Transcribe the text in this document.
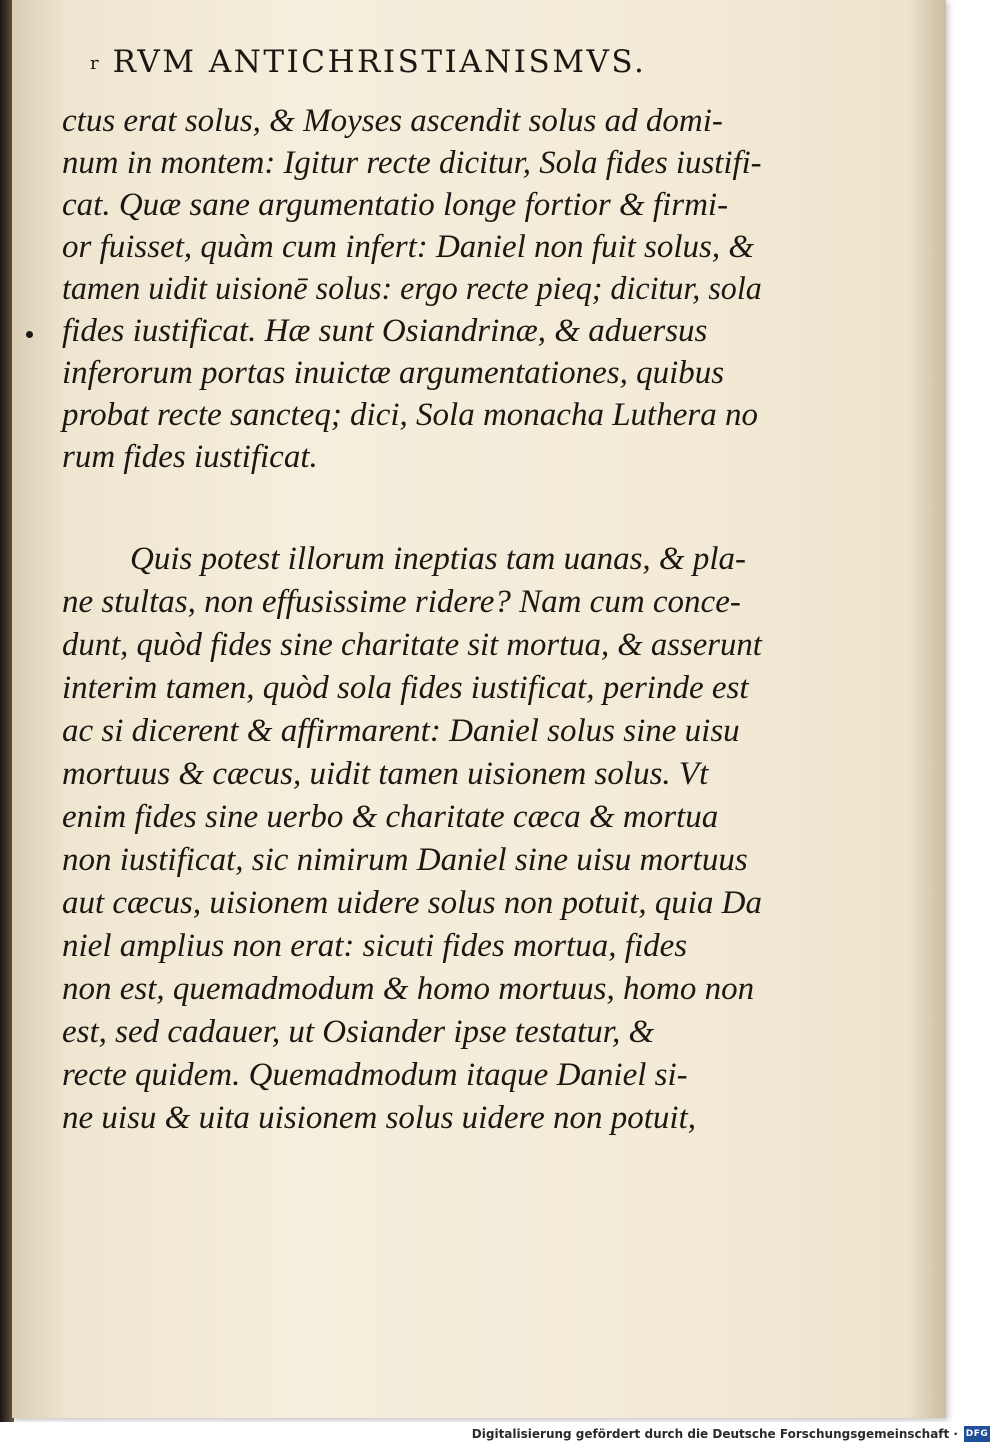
r RVM ANTICHRISTIANISMVS.
ctus erat solus, & Moyses ascendit solus ad domi-
num in montem: Igitur recte dicitur, Sola fides iustifi-
cat. Quæ sane argumentatio longe fortior & firmi-
or fuisset, quàm cum infert: Daniel non fuit solus, &
tamen uidit uisionē solus: ergo recte pieq; dicitur, sola
fides iustificat. Hæ sunt Osiandrinæ, & aduersus
inferorum portas inuictæ argumentationes, quibus
probat recte sancteq; dici, Sola monacha Luthera no
rum fides iustificat.
Quis potest illorum ineptias tam uanas, & pla-
ne stultas, non effusissime ridere? Nam cum conce-
dunt, quòd fides sine charitate sit mortua, & asserunt
interim tamen, quòd sola fides iustificat, perinde est
ac si dicerent & affirmarent: Daniel solus sine uisu
mortuus & cæcus, uidit tamen uisionem solus. Vt
enim fides sine uerbo & charitate cæca & mortua
non iustificat, sic nimirum Daniel sine uisu mortuus
aut cæcus, uisionem uidere solus non potuit, quia Da
niel amplius non erat: sicuti fides mortua, fides
non est, quemadmodum & homo mortuus, homo non
est, sed cadauer, ut Osiander ipse testatur, &
recte quidem. Quemadmodum itaque Daniel si-
ne uisu & uita uisionem solus uidere non potuit,
Digitalisierung gefördert durch die Deutsche Forschungsgemeinschaft · DFG
